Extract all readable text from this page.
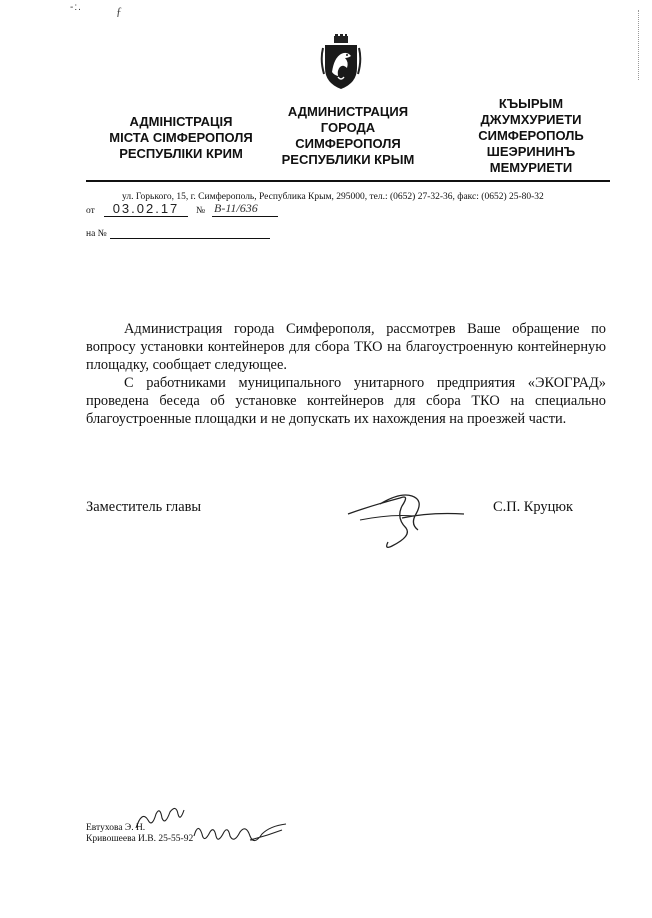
-:.	ƒ
АДМІНІСТРАЦІЯ
МІСТА СІМФЕРОПОЛЯ
РЕСПУБЛІКИ КРИМ
АДМИНИСТРАЦИЯ
ГОРОДА
СИМФЕРОПОЛЯ
РЕСПУБЛИКИ КРЫМ
КЪЫРЫМ
ДЖУМХУРИЕТИ
СИМФЕРОПОЛЬ
ШЕЭРИНИНЪ
МЕМУРИЕТИ
ул. Горького, 15, г. Симферополь, Республика Крым, 295000, тел.: (0652) 27-32-36, факс: (0652) 25-80-32
от	03.02.17	№ В-11/636
на №

Администрация города Симферополя, рассмотрев Ваше обращение по вопросу установки контейнеров для сбора ТКО на благоустроенную контейнерную площадку, сообщает следующее.

С работниками муниципального унитарного предприятия «ЭКОГРАД» проведена беседа об установке контейнеров для сбора ТКО на специально благоустроенные площадки и не допускать их нахождения на проезжей части.

Заместитель главы	С.П. Круцюк
Евтухова Э. Н.
Кривошеева И.В. 25-55-92
